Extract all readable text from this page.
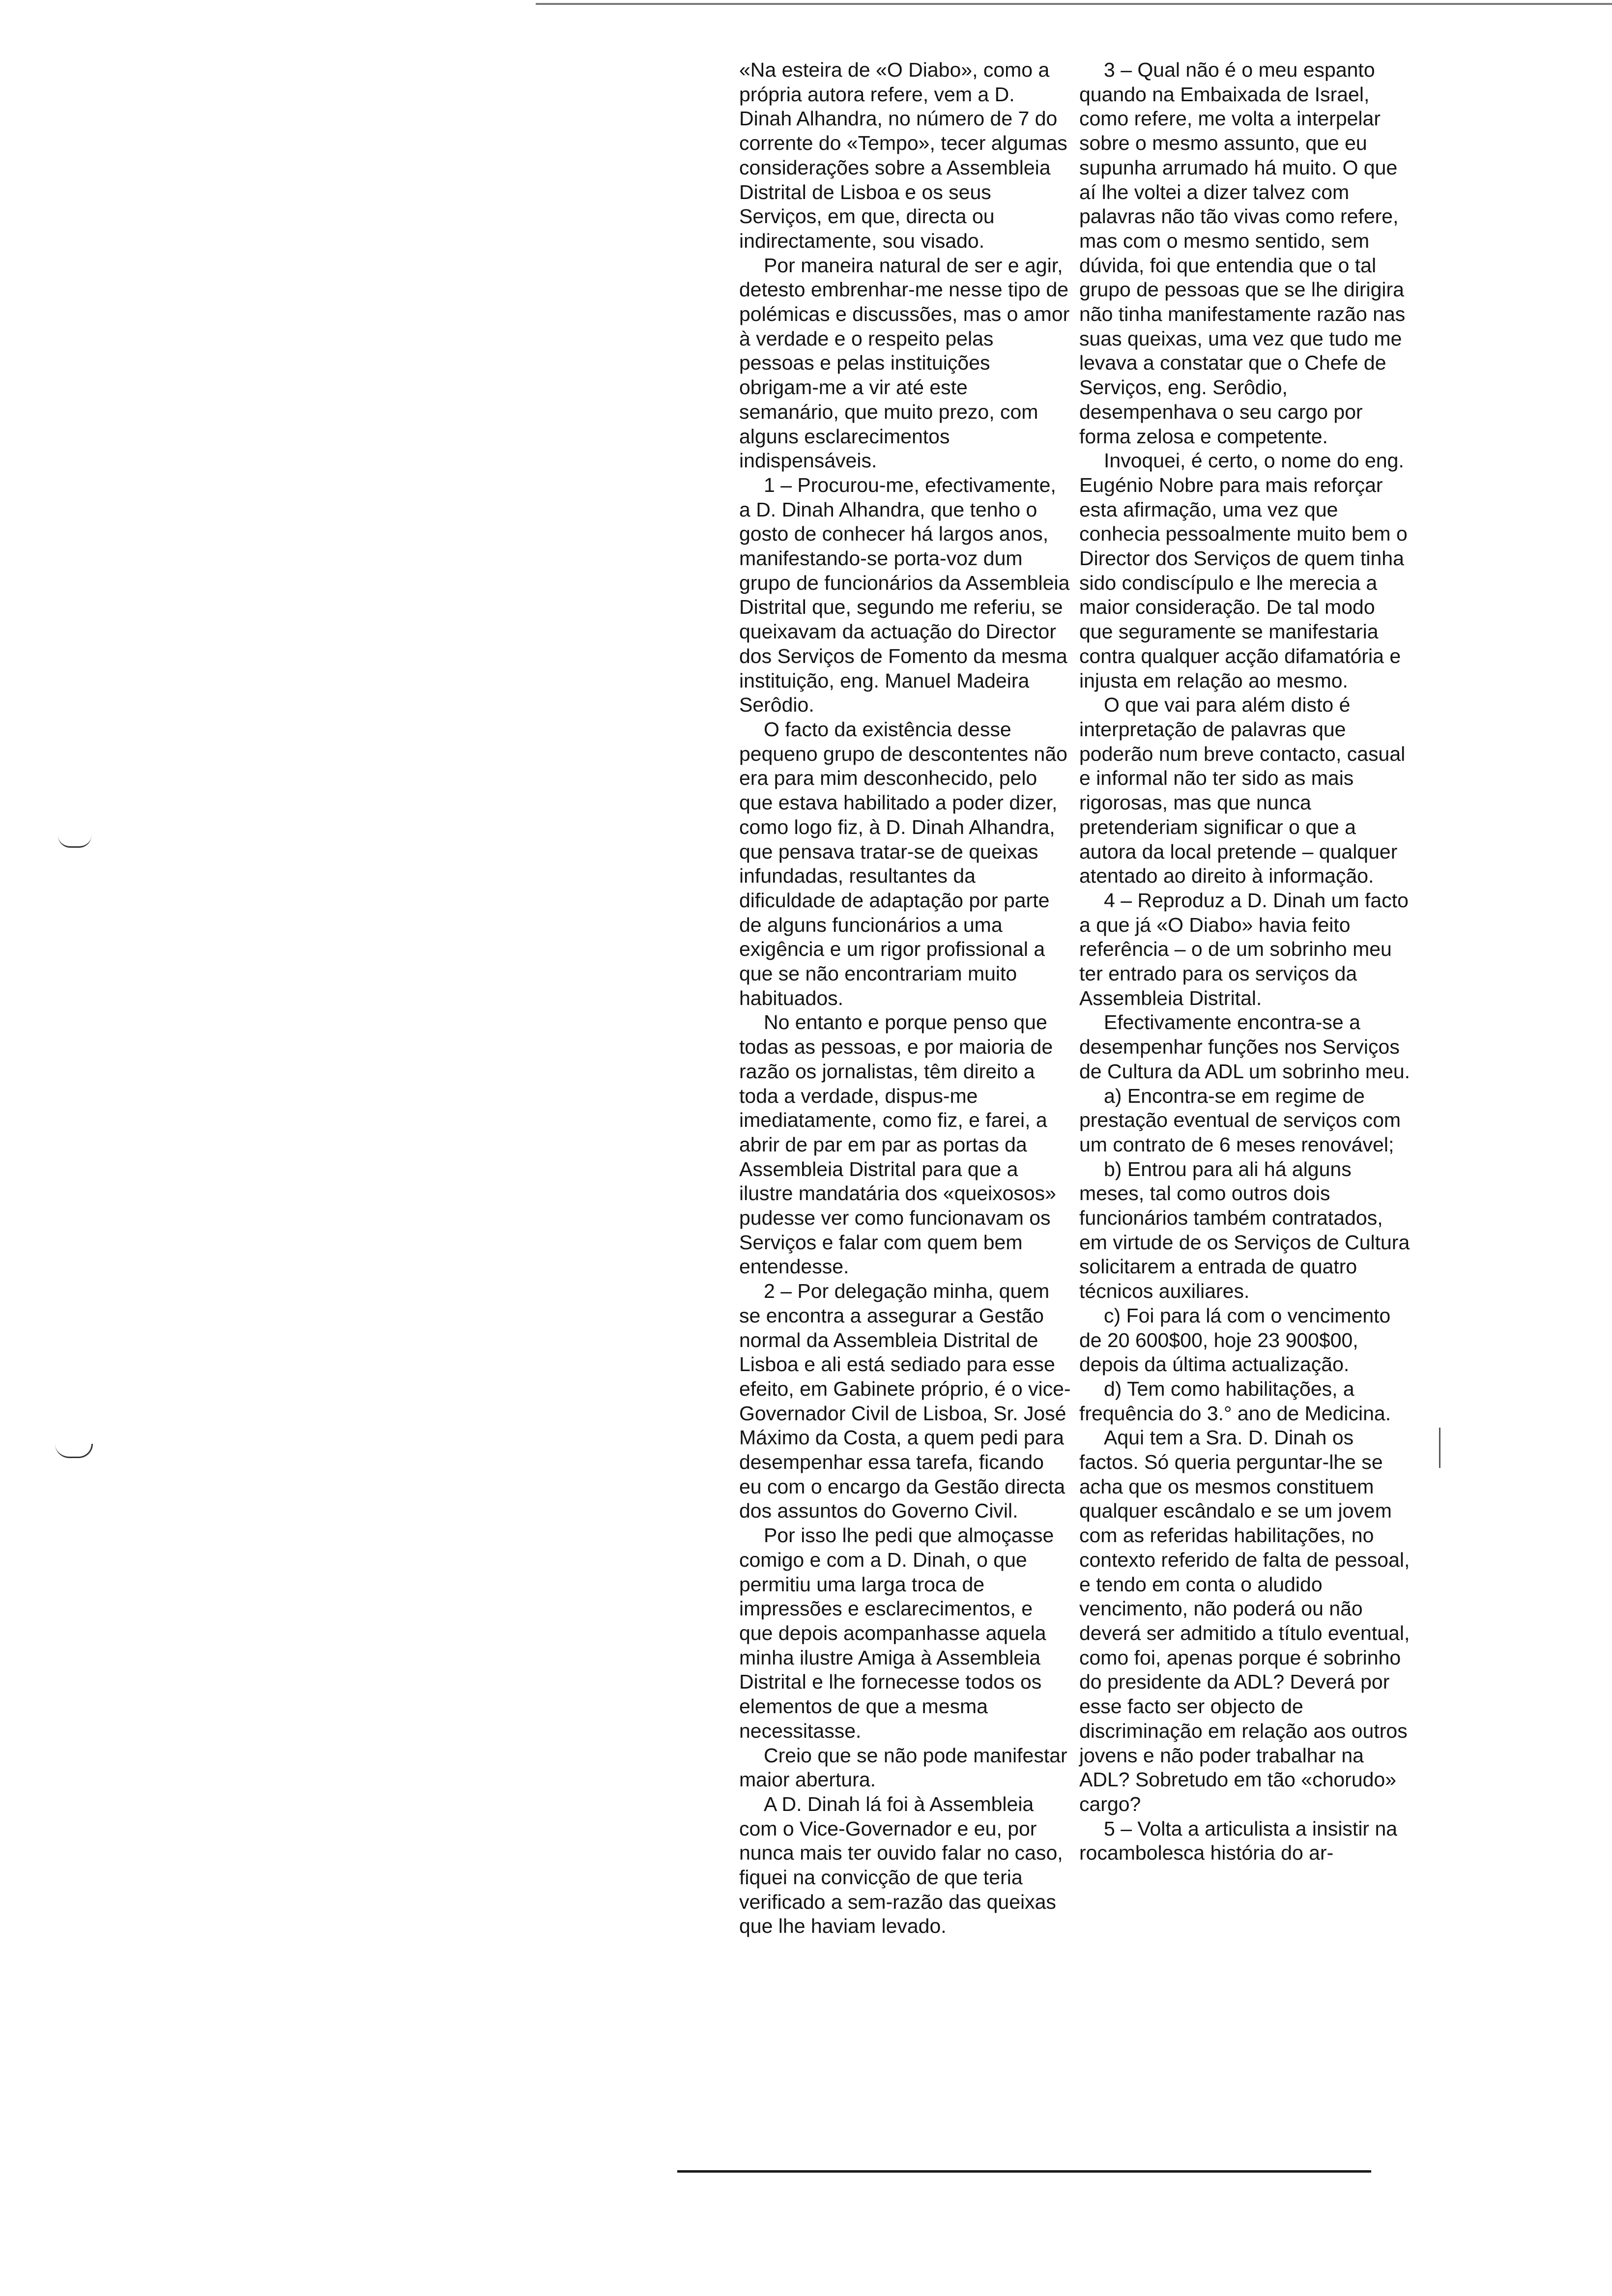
«Na esteira de «O Diabo», como a própria autora refere, vem a D. Dinah Alhandra, no número de 7 do corrente do «Tempo», tecer algumas considerações sobre a Assembleia Distrital de Lisboa e os seus Serviços, em que, directa ou indirectamente, sou visado.

Por maneira natural de ser e agir, detesto embrenhar-me nesse tipo de polémicas e discussões, mas o amor à verdade e o respeito pelas pessoas e pelas instituições obrigam-me a vir até este semanário, que muito prezo, com alguns esclarecimentos indispensáveis.

1 – Procurou-me, efectivamente, a D. Dinah Alhandra, que tenho o gosto de conhecer há largos anos, manifestando-se porta-voz dum grupo de funcionários da Assembleia Distrital que, segundo me referiu, se queixavam da actuação do Director dos Serviços de Fomento da mesma instituição, eng. Manuel Madeira Serôdio.

O facto da existência desse pequeno grupo de descontentes não era para mim desconhecido, pelo que estava habilitado a poder dizer, como logo fiz, à D. Dinah Alhandra, que pensava tratar-se de queixas infundadas, resultantes da dificuldade de adaptação por parte de alguns funcionários a uma exigência e um rigor profissional a que se não encontrariam muito habituados.

No entanto e porque penso que todas as pessoas, e por maioria de razão os jornalistas, têm direito a toda a verdade, dispus-me imediatamente, como fiz, e farei, a abrir de par em par as portas da Assembleia Distrital para que a ilustre mandatária dos «queixosos» pudesse ver como funcionavam os Serviços e falar com quem bem entendesse.

2 – Por delegação minha, quem se encontra a assegurar a Gestão normal da Assembleia Distrital de Lisboa e ali está sediado para esse efeito, em Gabinete próprio, é o vice-Governador Civil de Lisboa, Sr. José Máximo da Costa, a quem pedi para desempenhar essa tarefa, ficando eu com o encargo da Gestão directa dos assuntos do Governo Civil.

Por isso lhe pedi que almoçasse comigo e com a D. Dinah, o que permitiu uma larga troca de impressões e esclarecimentos, e que depois acompanhasse aquela minha ilustre Amiga à Assembleia Distrital e lhe fornecesse todos os elementos de que a mesma necessitasse.

Creio que se não pode manifestar maior abertura.

A D. Dinah lá foi à Assembleia com o Vice-Governador e eu, por nunca mais ter ouvido falar no caso, fiquei na convicção de que teria verificado a sem-razão das queixas que lhe haviam levado.

3 – Qual não é o meu espanto quando na Embaixada de Israel, como refere, me volta a interpelar sobre o mesmo assunto, que eu supunha arrumado há muito. O que aí lhe voltei a dizer talvez com palavras não tão vivas como refere, mas com o mesmo sentido, sem dúvida, foi que entendia que o tal grupo de pessoas que se lhe dirigira não tinha manifestamente razão nas suas queixas, uma vez que tudo me levava a constatar que o Chefe de Serviços, eng. Serôdio, desempenhava o seu cargo por forma zelosa e competente.

Invoquei, é certo, o nome do eng. Eugénio Nobre para mais reforçar esta afirmação, uma vez que conhecia pessoalmente muito bem o Director dos Serviços de quem tinha sido condiscípulo e lhe merecia a maior consideração. De tal modo que seguramente se manifestaria contra qualquer acção difamatória e injusta em relação ao mesmo.

O que vai para além disto é interpretação de palavras que poderão num breve contacto, casual e informal não ter sido as mais rigorosas, mas que nunca pretenderiam significar o que a autora da local pretende – qualquer atentado ao direito à informação.

4 – Reproduz a D. Dinah um facto a que já «O Diabo» havia feito referência – o de um sobrinho meu ter entrado para os serviços da Assembleia Distrital.

Efectivamente encontra-se a desempenhar funções nos Serviços de Cultura da ADL um sobrinho meu.

a) Encontra-se em regime de prestação eventual de serviços com um contrato de 6 meses renovável;

b) Entrou para ali há alguns meses, tal como outros dois funcionários também contratados, em virtude de os Serviços de Cultura solicitarem a entrada de quatro técnicos auxiliares.

c) Foi para lá com o vencimento de 20 600$00, hoje 23 900$00, depois da última actualização.

d) Tem como habilitações, a frequência do 3.° ano de Medicina.

Aqui tem a Sra. D. Dinah os factos. Só queria perguntar-lhe se acha que os mesmos constituem qualquer escândalo e se um jovem com as referidas habilitações, no contexto referido de falta de pessoal, e tendo em conta o aludido vencimento, não poderá ou não deverá ser admitido a título eventual, como foi, apenas porque é sobrinho do presidente da ADL? Deverá por esse facto ser objecto de discriminação em relação aos outros jovens e não poder trabalhar na ADL? Sobretudo em tão «chorudo» cargo?

5 – Volta a articulista a insistir na rocambolesca história do ar-
